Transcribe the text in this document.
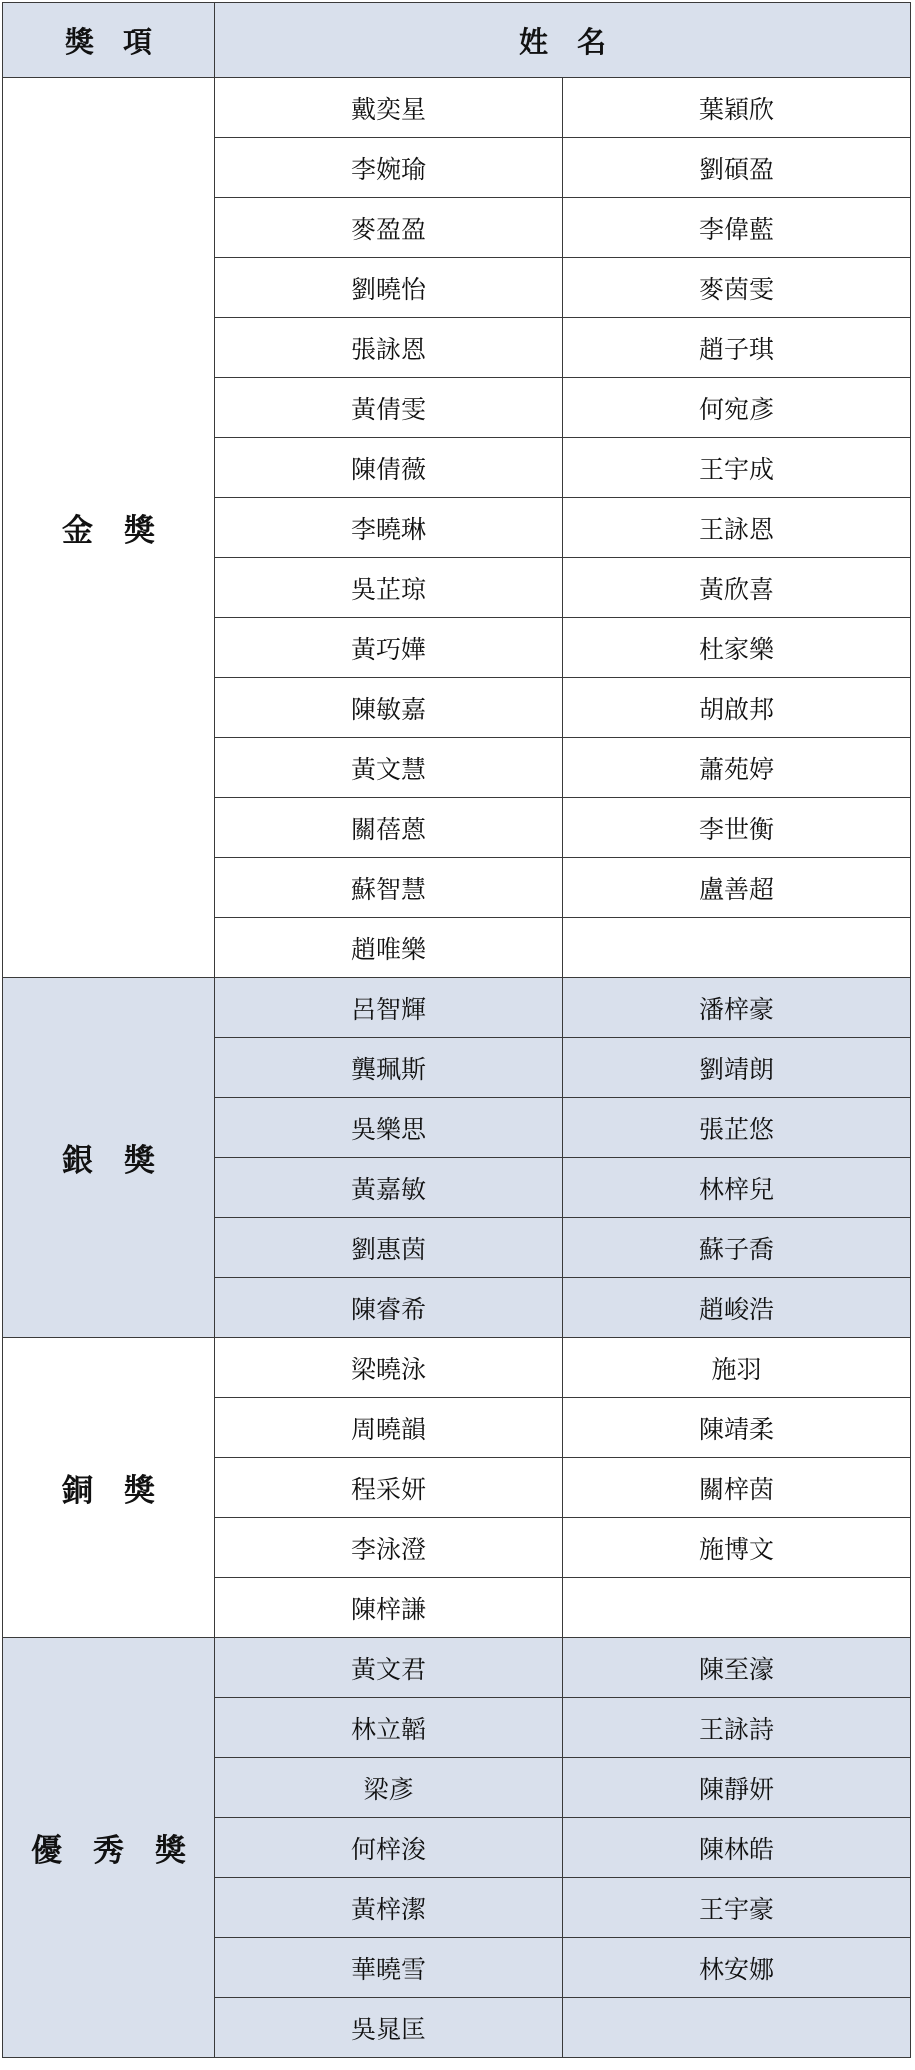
獎　項	姓　名	
金　獎	戴奕星	葉穎欣
	李婉瑜	劉碩盈
	麥盈盈	李偉藍
	劉曉怡	麥茵雯
	張詠恩	趙子琪
	黃倩雯	何宛彥
	陳倩薇	王宇成
	李曉琳	王詠恩
	吳芷琼	黃欣喜
	黃巧嬅	杜家樂
	陳敏嘉	胡啟邦
	黃文慧	蕭苑婷
	關蓓蒽	李世衡
	蘇智慧	盧善超
	趙唯樂	
銀　獎	呂智輝	潘梓豪
	龔珮斯	劉靖朗
	吳樂思	張芷悠
	黃嘉敏	林梓兒
	劉惠茵	蘇子喬
	陳睿希	趙峻浩
銅　獎	梁曉泳	施羽
	周曉韻	陳靖柔
	程采妍	關梓茵
	李泳澄	施博文
	陳梓謙	
優　秀　獎	黃文君	陳至濠
	林立韜	王詠詩
	梁彥	陳靜妍
	何梓浚	陳林皓
	黃梓潔	王宇豪
	華曉雪	林安娜
	吳晁匡	
